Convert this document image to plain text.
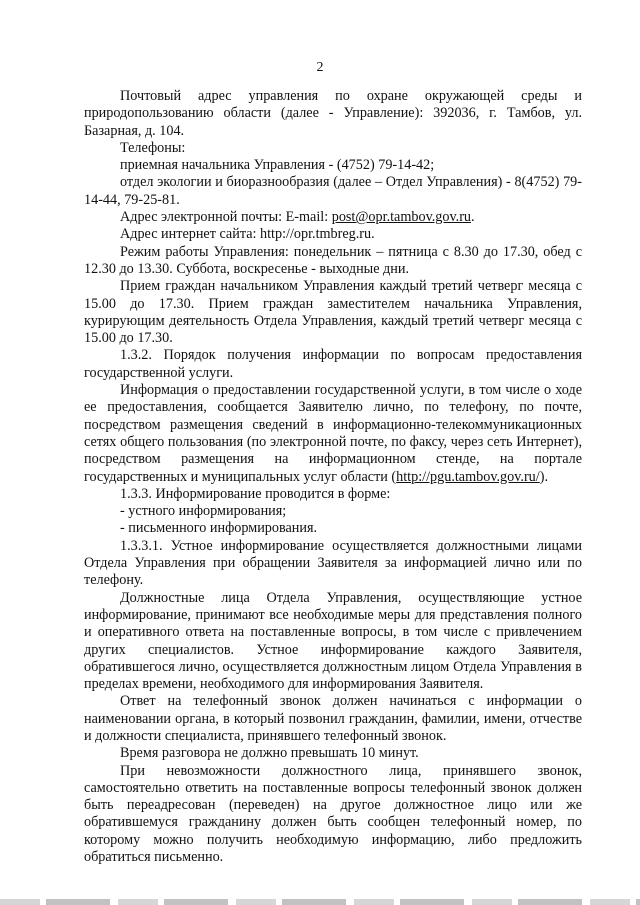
2

Почтовый адрес управления по охране окружающей среды и природопользованию области (далее - Управление): 392036, г. Тамбов, ул. Базарная, д. 104.

Телефоны:

приемная начальника Управления - (4752) 79-14-42;

отдел экологии и биоразнообразия (далее – Отдел Управления) - 8(4752) 79-14-44, 79-25-81.

Адрес электронной почты: E-mail: post@opr.tambov.gov.ru.

Адрес интернет сайта: http://opr.tmbreg.ru.

Режим работы Управления: понедельник – пятница с 8.30 до 17.30, обед с 12.30 до 13.30. Суббота, воскресенье - выходные дни.

Прием граждан начальником Управления каждый третий четверг месяца с 15.00 до 17.30. Прием граждан заместителем начальника Управления, курирующим деятельность Отдела Управления, каждый третий четверг месяца с 15.00 до 17.30.

1.3.2. Порядок получения информации по вопросам предоставления государственной услуги.

Информация о предоставлении государственной услуги, в том числе о ходе ее предоставления, сообщается Заявителю лично, по телефону, по почте, посредством размещения сведений в информационно-телекоммуникационных сетях общего пользования (по электронной почте, по факсу, через сеть Интернет), посредством размещения на информационном стенде, на портале государственных и муниципальных услуг области (http://pgu.tambov.gov.ru/).

1.3.3. Информирование проводится в форме:

- устного информирования;

- письменного информирования.

1.3.3.1. Устное информирование осуществляется должностными лицами Отдела Управления при обращении Заявителя за информацией лично или по телефону.

Должностные лица Отдела Управления, осуществляющие устное информирование, принимают все необходимые меры для представления полного и оперативного ответа на поставленные вопросы, в том числе с привлечением других специалистов. Устное информирование каждого Заявителя, обратившегося лично, осуществляется должностным лицом Отдела Управления в пределах времени, необходимого для информирования Заявителя.

Ответ на телефонный звонок должен начинаться с информации о наименовании органа, в который позвонил гражданин, фамилии, имени, отчестве и должности специалиста, принявшего телефонный звонок.

Время разговора не должно превышать 10 минут.

При невозможности должностного лица, принявшего звонок, самостоятельно ответить на поставленные вопросы телефонный звонок должен быть переадресован (переведен) на другое должностное лицо или же обратившемуся гражданину должен быть сообщен телефонный номер, по которому можно получить необходимую информацию, либо предложить обратиться письменно.
